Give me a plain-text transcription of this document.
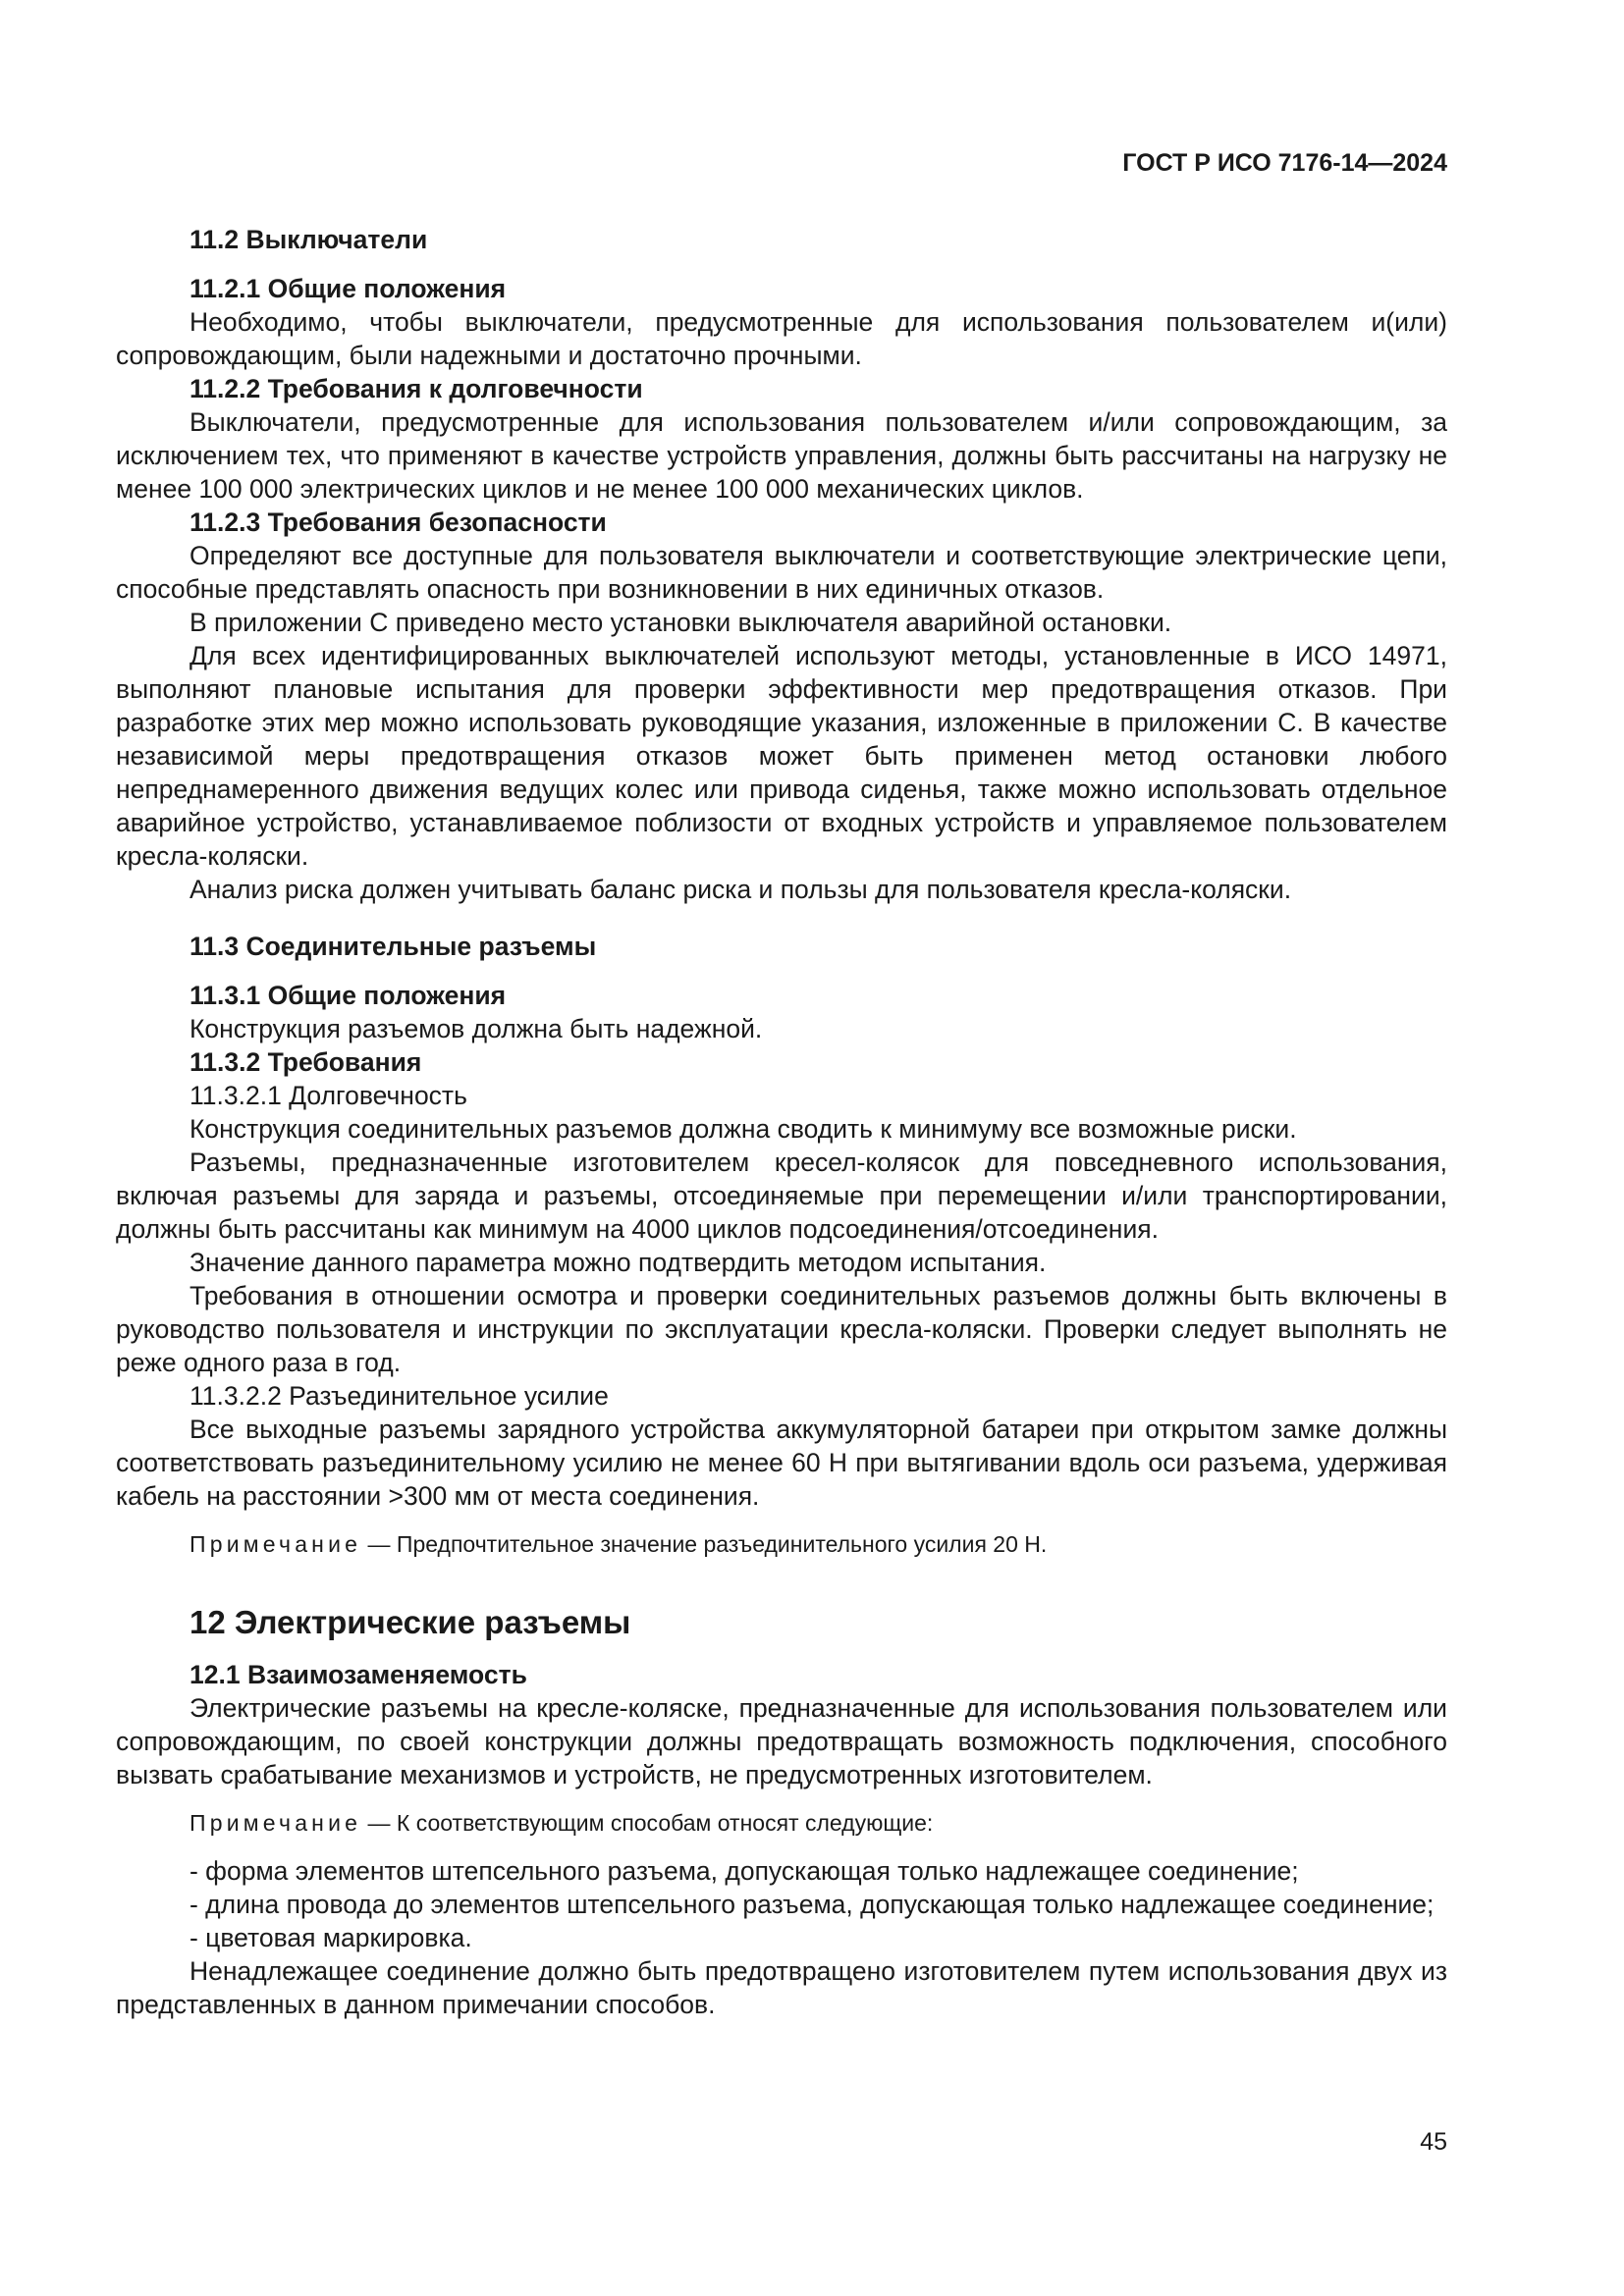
ГОСТ Р ИСО 7176-14—2024

11.2 Выключатели

11.2.1 Общие положения

Необходимо, чтобы выключатели, предусмотренные для использования пользователем и(или) сопровождающим, были надежными и достаточно прочными.

11.2.2 Требования к долговечности

Выключатели, предусмотренные для использования пользователем и/или сопровождающим, за исключением тех, что применяют в качестве устройств управления, должны быть рассчитаны на нагрузку не менее 100 000 электрических циклов и не менее 100 000 механических циклов.

11.2.3 Требования безопасности

Определяют все доступные для пользователя выключатели и соответствующие электрические цепи, способные представлять опасность при возникновении в них единичных отказов.

В приложении С приведено место установки выключателя аварийной остановки.

Для всех идентифицированных выключателей используют методы, установленные в ИСО 14971, выполняют плановые испытания для проверки эффективности мер предотвращения отказов. При разработке этих мер можно использовать руководящие указания, изложенные в приложении С. В качестве независимой меры предотвращения отказов может быть применен метод остановки любого непреднамеренного движения ведущих колес или привода сиденья, также можно использовать отдельное аварийное устройство, устанавливаемое поблизости от входных устройств и управляемое пользователем кресла-коляски.

Анализ риска должен учитывать баланс риска и пользы для пользователя кресла-коляски.

11.3 Соединительные разъемы

11.3.1 Общие положения

Конструкция разъемов должна быть надежной.

11.3.2 Требования

11.3.2.1 Долговечность

Конструкция соединительных разъемов должна сводить к минимуму все возможные риски.

Разъемы, предназначенные изготовителем кресел-колясок для повседневного использования, включая разъемы для заряда и разъемы, отсоединяемые при перемещении и/или транспортировании, должны быть рассчитаны как минимум на 4000 циклов подсоединения/отсоединения.

Значение данного параметра можно подтвердить методом испытания.

Требования в отношении осмотра и проверки соединительных разъемов должны быть включены в руководство пользователя и инструкции по эксплуатации кресла-коляски. Проверки следует выполнять не реже одного раза в год.

11.3.2.2 Разъединительное усилие

Все выходные разъемы зарядного устройства аккумуляторной батареи при открытом замке должны соответствовать разъединительному усилию не менее 60 Н при вытягивании вдоль оси разъема, удерживая кабель на расстоянии >300 мм от места соединения.

Примечание — Предпочтительное значение разъединительного усилия 20 Н.

12 Электрические разъемы

12.1 Взаимозаменяемость

Электрические разъемы на кресле-коляске, предназначенные для использования пользователем или сопровождающим, по своей конструкции должны предотвращать возможность подключения, способного вызвать срабатывание механизмов и устройств, не предусмотренных изготовителем.

Примечание — К соответствующим способам относят следующие:

- форма элементов штепсельного разъема, допускающая только надлежащее соединение;

- длина провода до элементов штепсельного разъема, допускающая только надлежащее соединение;

- цветовая маркировка.

Ненадлежащее соединение должно быть предотвращено изготовителем путем использования двух из представленных в данном примечании способов.

45
